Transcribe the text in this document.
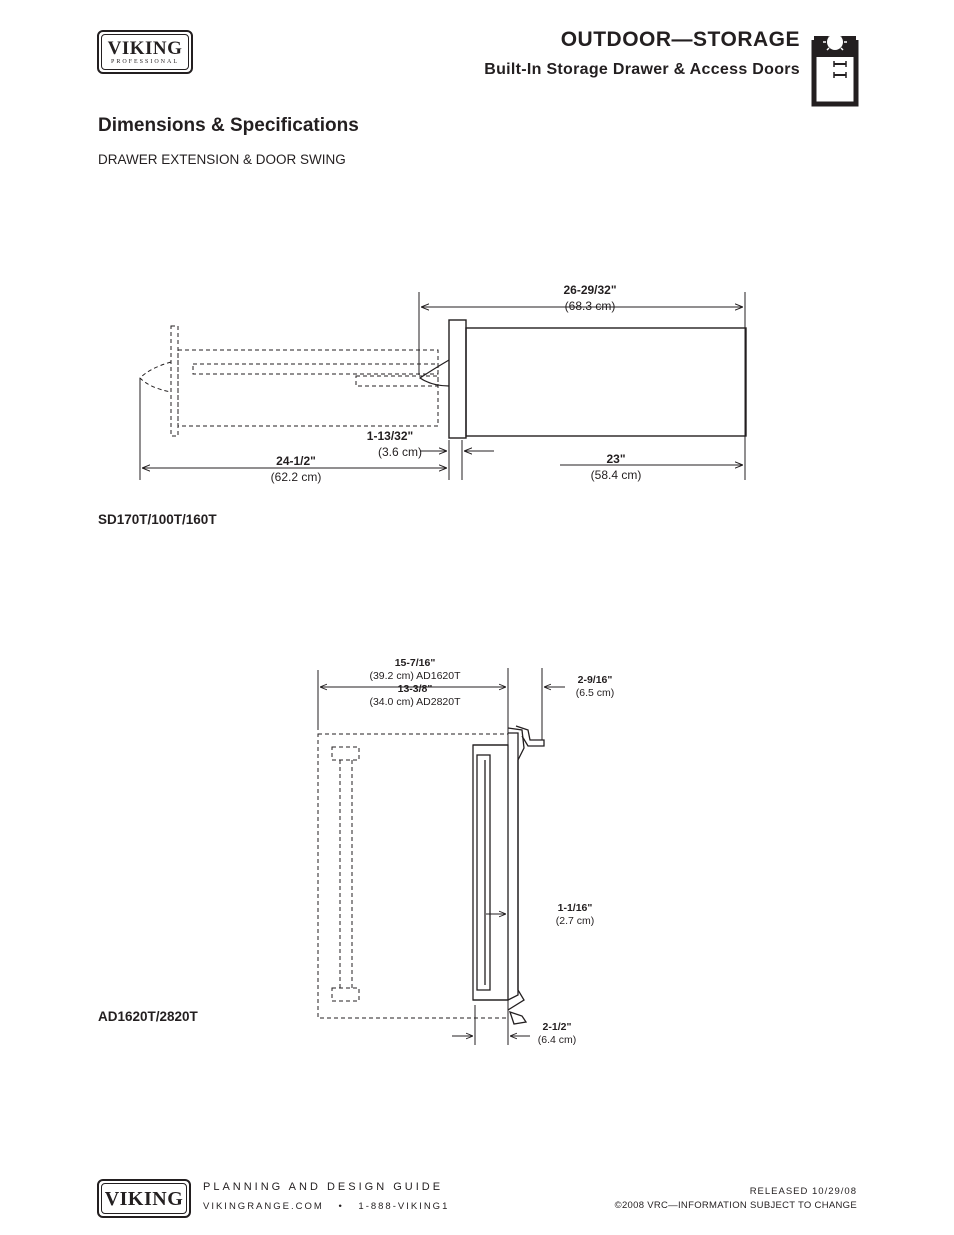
VIKING
PROFESSIONAL
OUTDOOR—STORAGE
Built-In Storage Drawer & Access Doors
Dimensions & Specifications
DRAWER EXTENSION & DOOR SWING
26-29/32"
(68.3 cm)
1-13/32"
(3.6 cm)
24-1/2"
(62.2 cm)
23"
(58.4 cm)
SD170T/100T/160T
15-7/16"
(39.2 cm) AD1620T
13-3/8"
(34.0 cm) AD2820T
2-9/16"
(6.5 cm)
1-1/16"
(2.7 cm)
2-1/2"
(6.4 cm)
AD1620T/2820T
VIKING
PLANNING AND DESIGN GUIDE
VIKINGRANGE.COM • 1-888-VIKING1
RELEASED 10/29/08
©2008 VRC—INFORMATION SUBJECT TO CHANGE
